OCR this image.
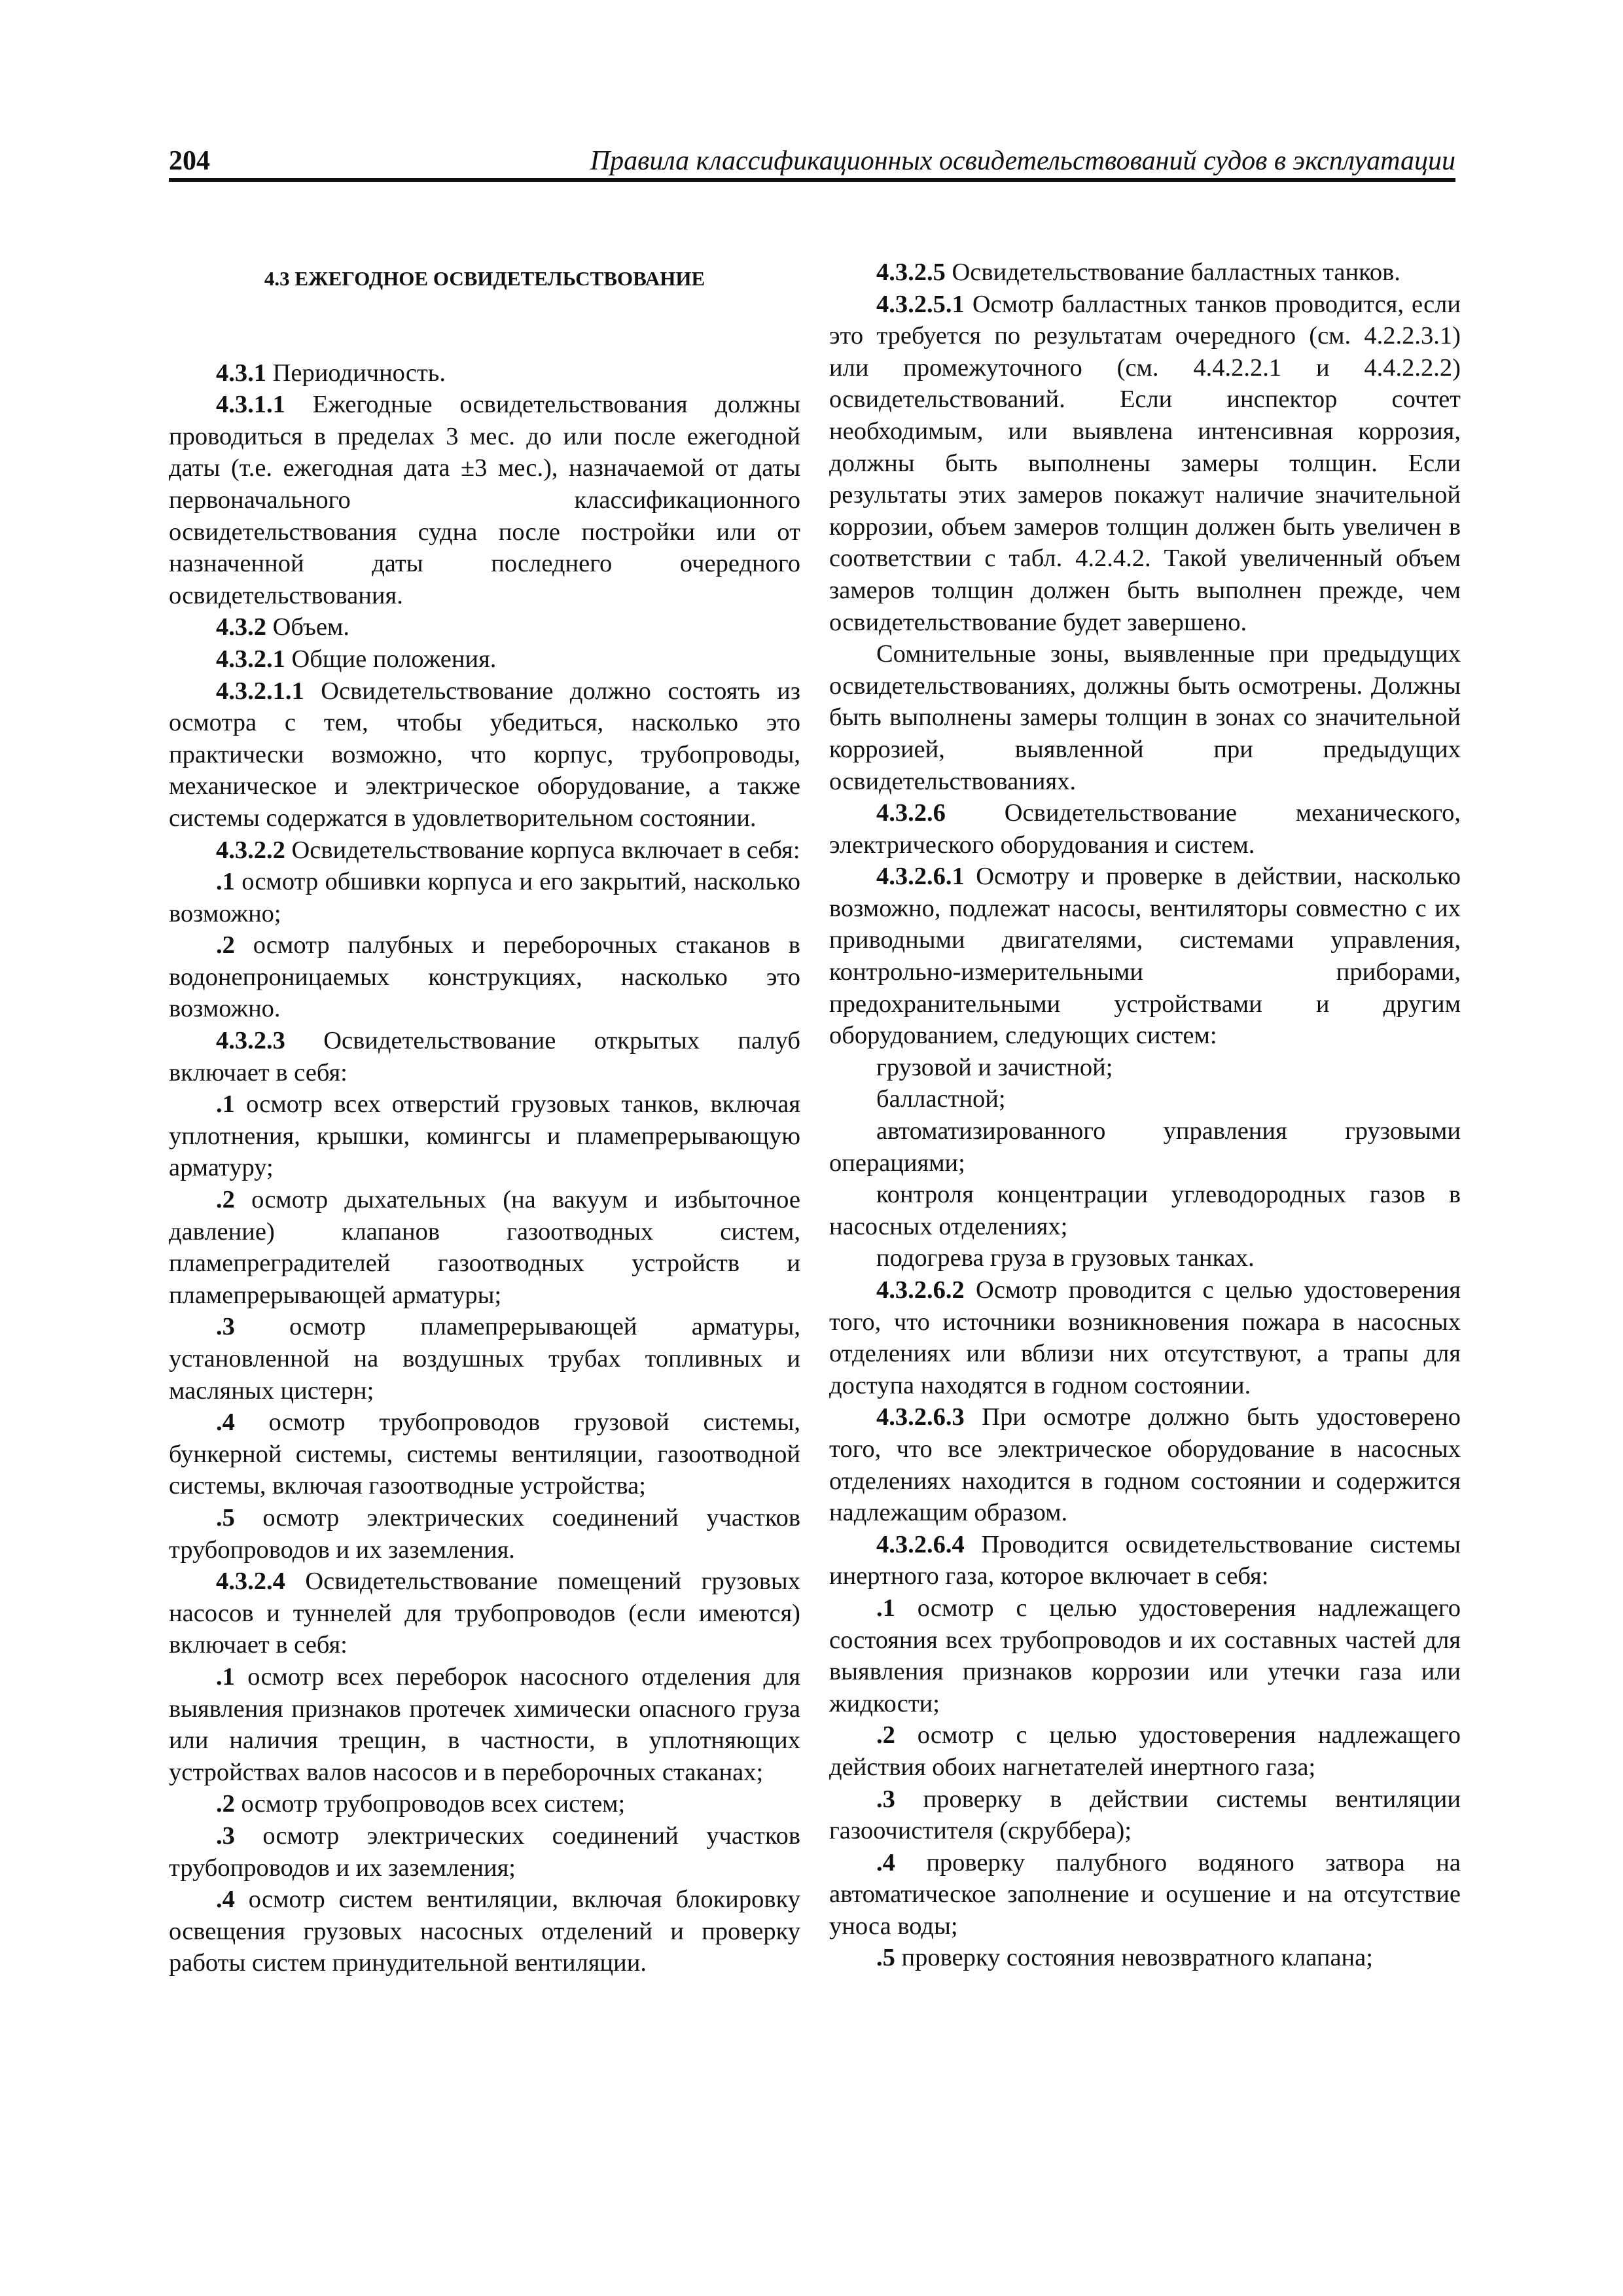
204	Правила классификационных освидетельствований судов в эксплуатации

4.3 ЕЖЕГОДНОЕ ОСВИДЕТЕЛЬСТВОВАНИЕ

4.3.1 Периодичность.

4.3.1.1 Ежегодные освидетельствования должны проводиться в пределах 3 мес. до или после ежегодной даты (т.е. ежегодная дата ±3 мес.), назначаемой от даты первоначального классификационного освидетельствования судна после постройки или от назначенной даты последнего очередного освидетельствования.

4.3.2 Объем.

4.3.2.1 Общие положения.

4.3.2.1.1 Освидетельствование должно состоять из осмотра с тем, чтобы убедиться, насколько это практически возможно, что корпус, трубопроводы, механическое и электрическое оборудование, а также системы содержатся в удовлетворительном состоянии.

4.3.2.2 Освидетельствование корпуса включает в себя:

.1 осмотр обшивки корпуса и его закрытий, насколько возможно;

.2 осмотр палубных и переборочных стаканов в водонепроницаемых конструкциях, насколько это возможно.

4.3.2.3 Освидетельствование открытых палуб включает в себя:

.1 осмотр всех отверстий грузовых танков, включая уплотнения, крышки, комингсы и пламепрерывающую арматуру;

.2 осмотр дыхательных (на вакуум и избыточное давление) клапанов газоотводных систем, пламепреградителей газоотводных устройств и пламепрерывающей арматуры;

.3 осмотр пламепрерывающей арматуры, установленной на воздушных трубах топливных и масляных цистерн;

.4 осмотр трубопроводов грузовой системы, бункерной системы, системы вентиляции, газоотводной системы, включая газоотводные устройства;

.5 осмотр электрических соединений участков трубопроводов и их заземления.

4.3.2.4 Освидетельствование помещений грузовых насосов и туннелей для трубопроводов (если имеются) включает в себя:

.1 осмотр всех переборок насосного отделения для выявления признаков протечек химически опасного груза или наличия трещин, в частности, в уплотняющих устройствах валов насосов и в переборочных стаканах;

.2 осмотр трубопроводов всех систем;

.3 осмотр электрических соединений участков трубопроводов и их заземления;

.4 осмотр систем вентиляции, включая блокировку освещения грузовых насосных отделений и проверку работы систем принудительной вентиляции.

4.3.2.5 Освидетельствование балластных танков.

4.3.2.5.1 Осмотр балластных танков проводится, если это требуется по результатам очередного (см. 4.2.2.3.1) или промежуточного (см. 4.4.2.2.1 и 4.4.2.2.2) освидетельствований. Если инспектор сочтет необходимым, или выявлена интенсивная коррозия, должны быть выполнены замеры толщин. Если результаты этих замеров покажут наличие значительной коррозии, объем замеров толщин должен быть увеличен в соответствии с табл. 4.2.4.2. Такой увеличенный объем замеров толщин должен быть выполнен прежде, чем освидетельствование будет завершено.

Сомнительные зоны, выявленные при предыдущих освидетельствованиях, должны быть осмотрены. Должны быть выполнены замеры толщин в зонах со значительной коррозией, выявленной при предыдущих освидетельствованиях.

4.3.2.6 Освидетельствование механического, электрического оборудования и систем.

4.3.2.6.1 Осмотру и проверке в действии, насколько возможно, подлежат насосы, вентиляторы совместно с их приводными двигателями, системами управления, контрольно-измерительными приборами, предохранительными устройствами и другим оборудованием, следующих систем:

грузовой и зачистной;

балластной;

автоматизированного управления грузовыми операциями;

контроля концентрации углеводородных газов в насосных отделениях;

подогрева груза в грузовых танках.

4.3.2.6.2 Осмотр проводится с целью удостоверения того, что источники возникновения пожара в насосных отделениях или вблизи них отсутствуют, а трапы для доступа находятся в годном состоянии.

4.3.2.6.3 При осмотре должно быть удостоверено того, что все электрическое оборудование в насосных отделениях находится в годном состоянии и содержится надлежащим образом.

4.3.2.6.4 Проводится освидетельствование системы инертного газа, которое включает в себя:

.1 осмотр с целью удостоверения надлежащего состояния всех трубопроводов и их составных частей для выявления признаков коррозии или утечки газа или жидкости;

.2 осмотр с целью удостоверения надлежащего действия обоих нагнетателей инертного газа;

.3 проверку в действии системы вентиляции газоочистителя (скруббера);

.4 проверку палубного водяного затвора на автоматическое заполнение и осушение и на отсутствие уноса воды;

.5 проверку состояния невозвратного клапана;
